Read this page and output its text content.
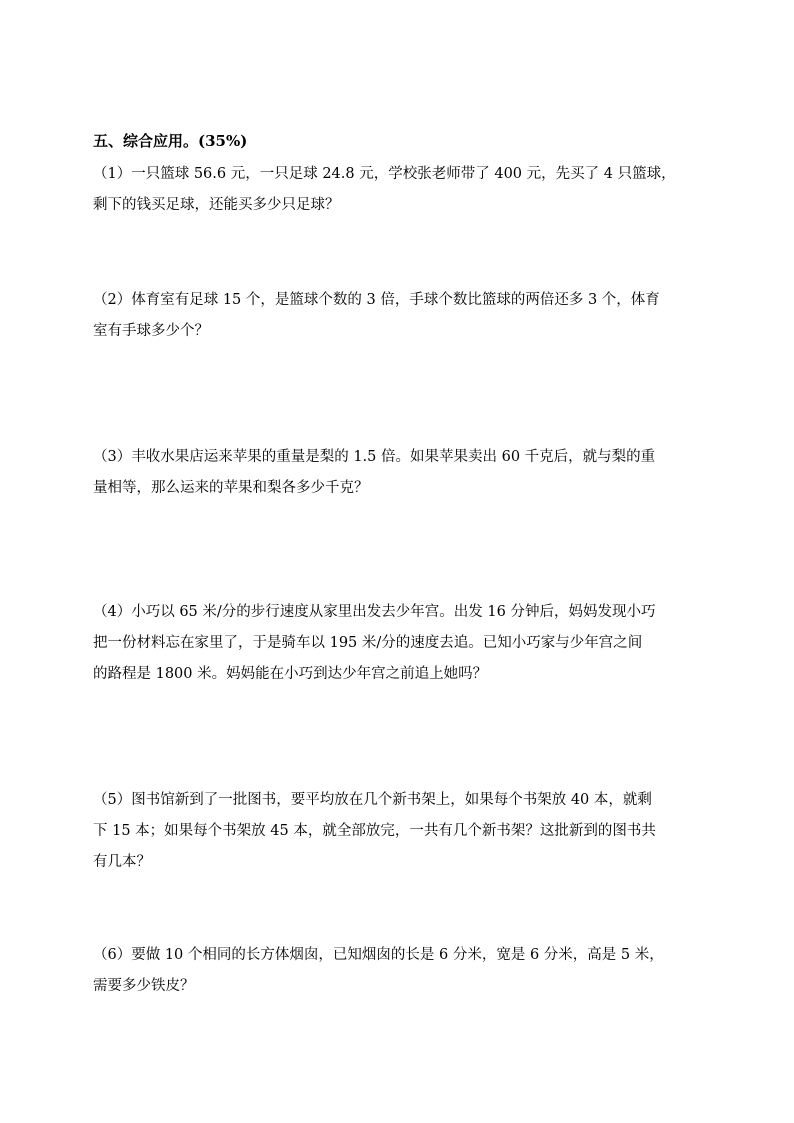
五、综合应用。(35%)

（1）一只篮球 56.6 元，一只足球 24.8 元，学校张老师带了 400 元，先买了 4 只篮球，

剩下的钱买足球，还能买多少只足球？

（2）体育室有足球 15 个，是篮球个数的 3 倍，手球个数比篮球的两倍还多 3 个，体育

室有手球多少个？

（3）丰收水果店运来苹果的重量是梨的 1.5 倍。如果苹果卖出 60 千克后，就与梨的重

量相等，那么运来的苹果和梨各多少千克？

（4）小巧以 65 米/分的步行速度从家里出发去少年宫。出发 16 分钟后，妈妈发现小巧

把一份材料忘在家里了，于是骑车以 195 米/分的速度去追。已知小巧家与少年宫之间

的路程是 1800 米。妈妈能在小巧到达少年宫之前追上她吗？

（5）图书馆新到了一批图书，要平均放在几个新书架上，如果每个书架放 40 本，就剩

下 15 本；如果每个书架放 45 本，就全部放完，一共有几个新书架？这批新到的图书共

有几本？

（6）要做 10 个相同的长方体烟囱，已知烟囱的长是 6 分米，宽是 6 分米，高是 5 米，

需要多少铁皮？
